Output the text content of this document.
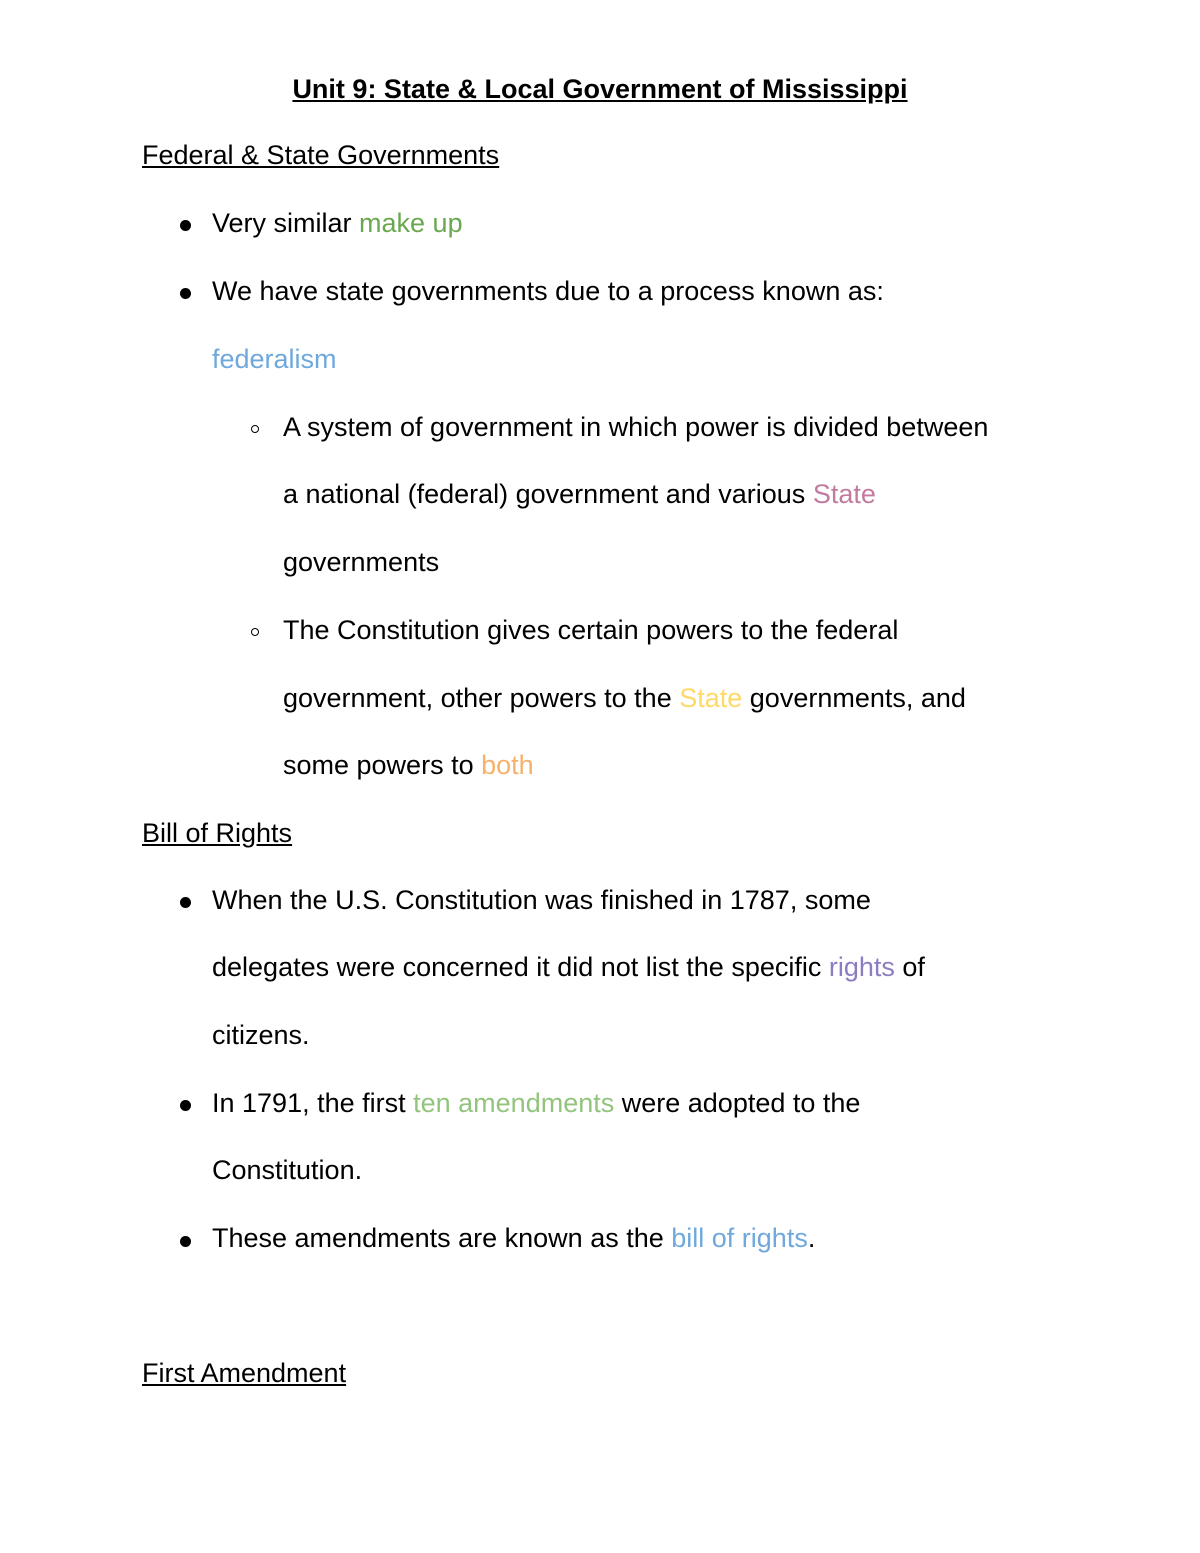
Unit 9: State & Local Government of Mississippi
Federal & State Governments
Very similar make up
We have state governments due to a process known as:
federalism
A system of government in which power is divided between
a national (federal) government and various State
governments
The Constitution gives certain powers to the federal
government, other powers to the State governments, and
some powers to both
Bill of Rights
When the U.S. Constitution was finished in 1787, some
delegates were concerned it did not list the specific rights of
citizens.
In 1791, the first ten amendments were adopted to the
Constitution.
These amendments are known as the bill of rights.
First Amendment
